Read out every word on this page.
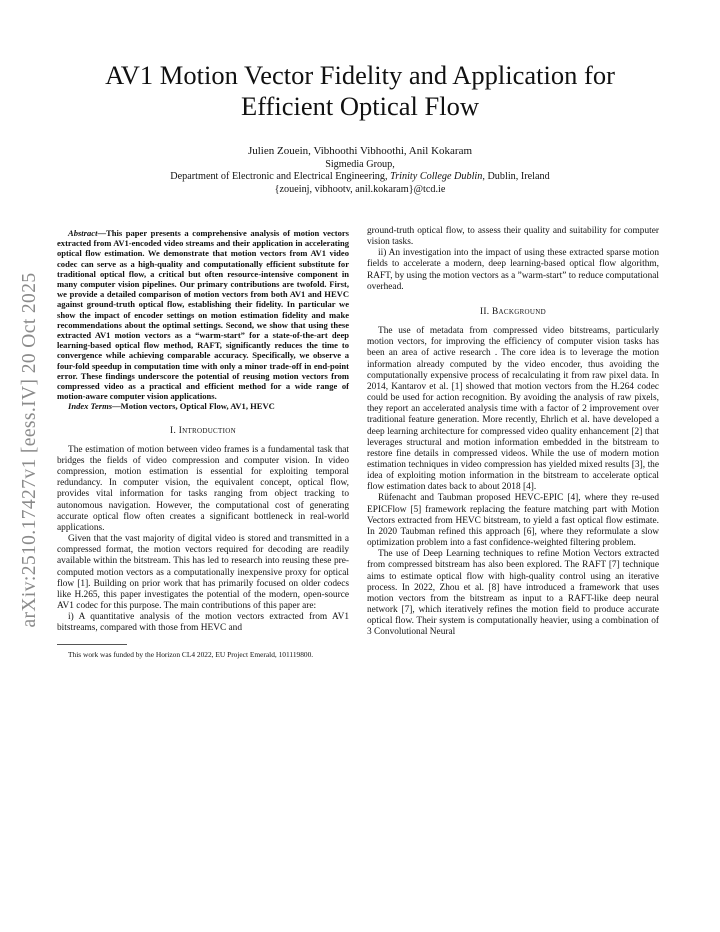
arXiv:2510.17427v1 [eess.IV] 20 Oct 2025
AV1 Motion Vector Fidelity and Application for Efficient Optical Flow
Julien Zouein, Vibhoothi Vibhoothi, Anil Kokaram
Sigmedia Group,
Department of Electronic and Electrical Engineering, Trinity College Dublin, Dublin, Ireland
{zoueinj, vibhootv, anil.kokaram}@tcd.ie

Abstract—This paper presents a comprehensive analysis of motion vectors extracted from AV1-encoded video streams and their application in accelerating optical flow estimation. We demonstrate that motion vectors from AV1 video codec can serve as a high-quality and computationally efficient substitute for traditional optical flow, a critical but often resource-intensive component in many computer vision pipelines. Our primary contributions are twofold. First, we provide a detailed comparison of motion vectors from both AV1 and HEVC against ground-truth optical flow, establishing their fidelity. In particular we show the impact of encoder settings on motion estimation fidelity and make recommendations about the optimal settings. Second, we show that using these extracted AV1 motion vectors as a “warm-start” for a state-of-the-art deep learning-based optical flow method, RAFT, significantly reduces the time to convergence while achieving comparable accuracy. Specifically, we observe a four-fold speedup in computation time with only a minor trade-off in end-point error. These findings underscore the potential of reusing motion vectors from compressed video as a practical and efficient method for a wide range of motion-aware computer vision applications.

Index Terms—Motion vectors, Optical Flow, AV1, HEVC

I. Introduction

The estimation of motion between video frames is a fundamental task that bridges the fields of video compression and computer vision. In video compression, motion estimation is essential for exploiting temporal redundancy. In computer vision, the equivalent concept, optical flow, provides vital information for tasks ranging from object tracking to autonomous navigation. However, the computational cost of generating accurate optical flow often creates a significant bottleneck in real-world applications.

Given that the vast majority of digital video is stored and transmitted in a compressed format, the motion vectors required for decoding are readily available within the bitstream. This has led to research into reusing these pre-computed motion vectors as a computationally inexpensive proxy for optical flow [1]. Building on prior work that has primarily focused on older codecs like H.265, this paper investigates the potential of the modern, open-source AV1 codec for this purpose. The main contributions of this paper are:

i) A quantitative analysis of the motion vectors extracted from AV1 bitstreams, compared with those from HEVC and

This work was funded by the Horizon CL4 2022, EU Project Emerald, 101119800.

ground-truth optical flow, to assess their quality and suitability for computer vision tasks.

ii) An investigation into the impact of using these extracted sparse motion fields to accelerate a modern, deep learning-based optical flow algorithm, RAFT, by using the motion vectors as a ”warm-start” to reduce computational overhead.

II. Background

The use of metadata from compressed video bitstreams, particularly motion vectors, for improving the efficiency of computer vision tasks has been an area of active research . The core idea is to leverage the motion information already computed by the video encoder, thus avoiding the computationally expensive process of recalculating it from raw pixel data. In 2014, Kantarov et al. [1] showed that motion vectors from the H.264 codec could be used for action recognition. By avoiding the analysis of raw pixels, they report an accelerated analysis time with a factor of 2 improvement over traditional feature generation. More recently, Ehrlich et al. have developed a deep learning architecture for compressed video quality enhancement [2] that leverages structural and motion information embedded in the bitstream to restore fine details in compressed videos. While the use of modern motion estimation techniques in video compression has yielded mixed results [3], the idea of exploiting motion information in the bitstream to accelerate optical flow estimation dates back to about 2018 [4].

Rüfenacht and Taubman proposed HEVC-EPIC [4], where they re-used EPICFlow [5] framework replacing the feature matching part with Motion Vectors extracted from HEVC bitstream, to yield a fast optical flow estimate. In 2020 Taubman refined this approach [6], where they reformulate a slow optimization problem into a fast confidence-weighted filtering problem.

The use of Deep Learning techniques to refine Motion Vectors extracted from compressed bitstream has also been explored. The RAFT [7] technique aims to estimate optical flow with high-quality control using an iterative process. In 2022, Zhou et al. [8] have introduced a framework that uses motion vectors from the bitstream as input to a RAFT-like deep neural network [7], which iteratively refines the motion field to produce accurate optical flow. Their system is computationally heavier, using a combination of 3 Convolutional Neural
